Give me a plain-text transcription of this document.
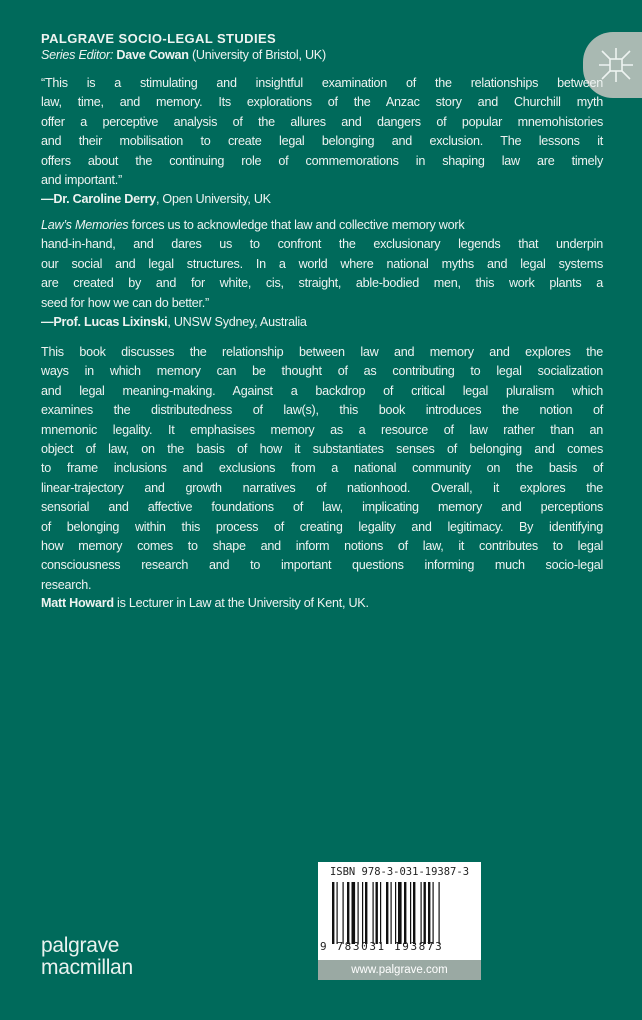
PALGRAVE SOCIO-LEGAL STUDIES
Series Editor: Dave Cowan (University of Bristol, UK)
“This is a stimulating and insightful examination of the relationships between
law, time, and memory. Its explorations of the Anzac story and Churchill myth
offer a perceptive analysis of the allures and dangers of popular mnemohistories
and their mobilisation to create legal belonging and exclusion. The lessons it
offers about the continuing role of commemorations in shaping law are timely
and important.”
—Dr. Caroline Derry, Open University, UK
Law’s Memories forces us to acknowledge that law and collective memory work
hand-in-hand, and dares us to confront the exclusionary legends that underpin
our social and legal structures. In a world where national myths and legal systems
are created by and for white, cis, straight, able-bodied men, this work plants a
seed for how we can do better.”
—Prof. Lucas Lixinski, UNSW Sydney, Australia
This book discusses the relationship between law and memory and explores the
ways in which memory can be thought of as contributing to legal socialization
and legal meaning-making. Against a backdrop of critical legal pluralism which
examines the distributedness of law(s), this book introduces the notion of
mnemonic legality. It emphasises memory as a resource of law rather than an
object of law, on the basis of how it substantiates senses of belonging and comes
to frame inclusions and exclusions from a national community on the basis of
linear-trajectory and growth narratives of nationhood. Overall, it explores the
sensorial and affective foundations of law, implicating memory and perceptions
of belonging within this process of creating legality and legitimacy. By identifying
how memory comes to shape and inform notions of law, it contributes to legal
consciousness research and to important questions informing much socio-legal
research.
Matt Howard is Lecturer in Law at the University of Kent, UK.
ISBN 978-3-031-19387-3
9 783031 193873
www.palgrave.com
palgrave
macmillan
